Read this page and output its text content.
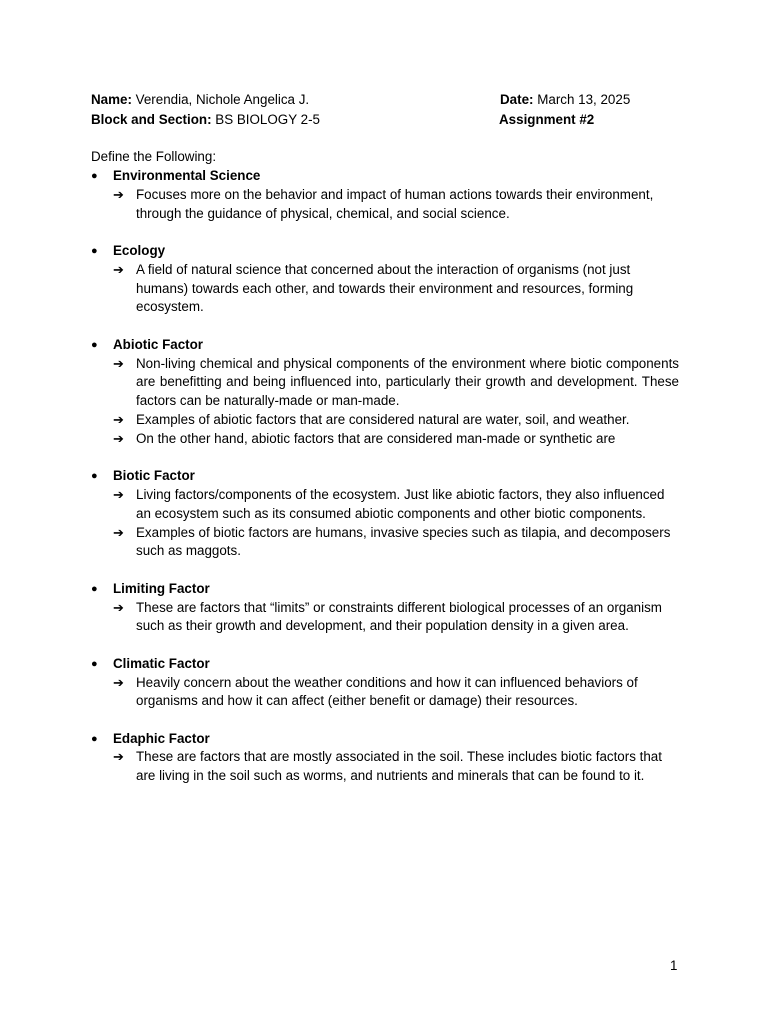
Name: Verendia, Nichole Angelica J.	Date: March 13, 2025
Block and Section: BS BIOLOGY 2-5	Assignment #2
Define the Following:
● Environmental Science
➔ Focuses more on the behavior and impact of human actions towards their environment, through the guidance of physical, chemical, and social science.
● Ecology
➔ A field of natural science that concerned about the interaction of organisms (not just humans) towards each other, and towards their environment and resources, forming ecosystem.
● Abiotic Factor
➔ Non-living chemical and physical components of the environment where biotic components are benefitting and being influenced into, particularly their growth and development. These factors can be naturally-made or man-made.
➔ Examples of abiotic factors that are considered natural are water, soil, and weather.
➔ On the other hand, abiotic factors that are considered man-made or synthetic are
● Biotic Factor
➔ Living factors/components of the ecosystem. Just like abiotic factors, they also influenced an ecosystem such as its consumed abiotic components and other biotic components.
➔ Examples of biotic factors are humans, invasive species such as tilapia, and decomposers such as maggots.
● Limiting Factor
➔ These are factors that “limits” or constraints different biological processes of an organism such as their growth and development, and their population density in a given area.
● Climatic Factor
➔ Heavily concern about the weather conditions and how it can influenced behaviors of organisms and how it can affect (either benefit or damage) their resources.
● Edaphic Factor
➔ These are factors that are mostly associated in the soil. These includes biotic factors that are living in the soil such as worms, and nutrients and minerals that can be found to it.
1
